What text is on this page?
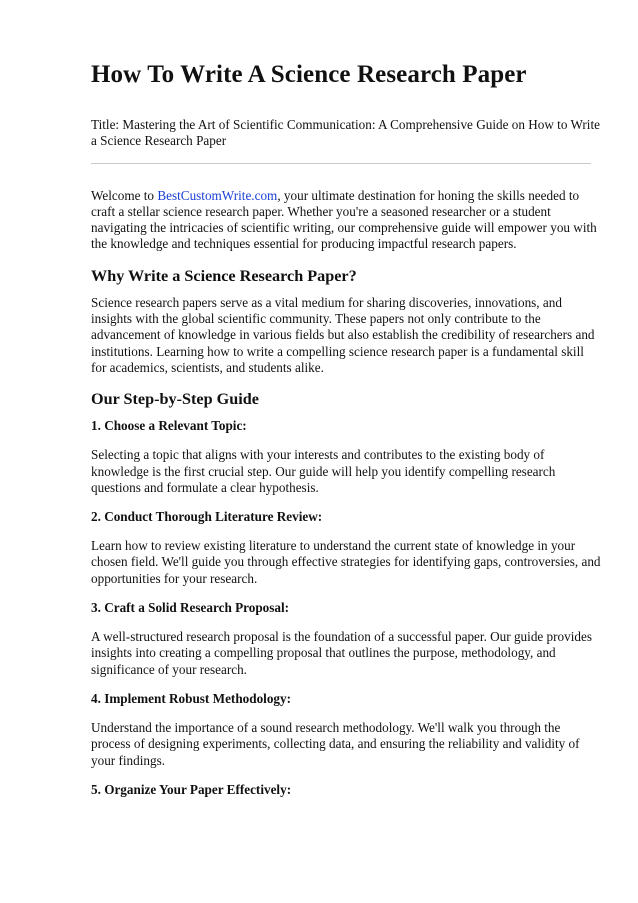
How To Write A Science Research Paper

Title: Mastering the Art of Scientific Communication: A Comprehensive Guide on How to Write a Science Research Paper

Welcome to BestCustomWrite.com, your ultimate destination for honing the skills needed to craft a stellar science research paper. Whether you're a seasoned researcher or a student navigating the intricacies of scientific writing, our comprehensive guide will empower you with the knowledge and techniques essential for producing impactful research papers.

Why Write a Science Research Paper?

Science research papers serve as a vital medium for sharing discoveries, innovations, and insights with the global scientific community. These papers not only contribute to the advancement of knowledge in various fields but also establish the credibility of researchers and institutions. Learning how to write a compelling science research paper is a fundamental skill for academics, scientists, and students alike.

Our Step-by-Step Guide
1. Choose a Relevant Topic:

Selecting a topic that aligns with your interests and contributes to the existing body of knowledge is the first crucial step. Our guide will help you identify compelling research questions and formulate a clear hypothesis.

2. Conduct Thorough Literature Review:

Learn how to review existing literature to understand the current state of knowledge in your chosen field. We'll guide you through effective strategies for identifying gaps, controversies, and opportunities for your research.

3. Craft a Solid Research Proposal:

A well-structured research proposal is the foundation of a successful paper. Our guide provides insights into creating a compelling proposal that outlines the purpose, methodology, and significance of your research.

4. Implement Robust Methodology:

Understand the importance of a sound research methodology. We'll walk you through the process of designing experiments, collecting data, and ensuring the reliability and validity of your findings.

5. Organize Your Paper Effectively:
